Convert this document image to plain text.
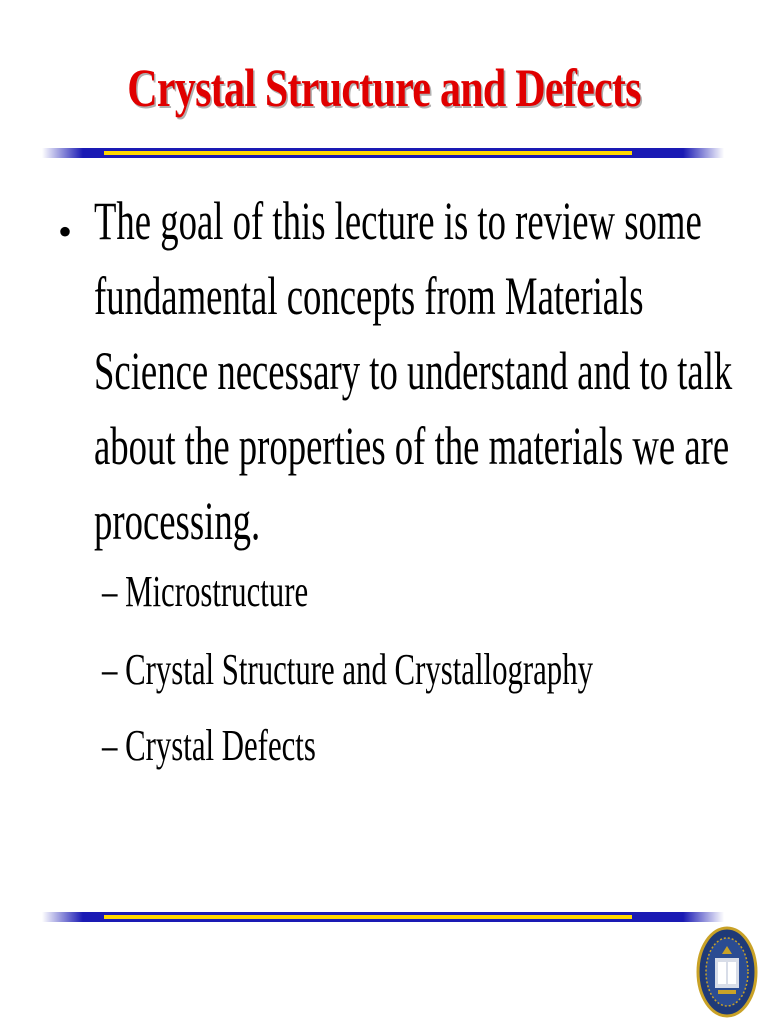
Crystal Structure and Defects
• The goal of this lecture is to review some
fundamental concepts from Materials
Science necessary to understand and to talk
about the properties of the materials we are
processing.
– Microstructure
– Crystal Structure and Crystallography
– Crystal Defects
